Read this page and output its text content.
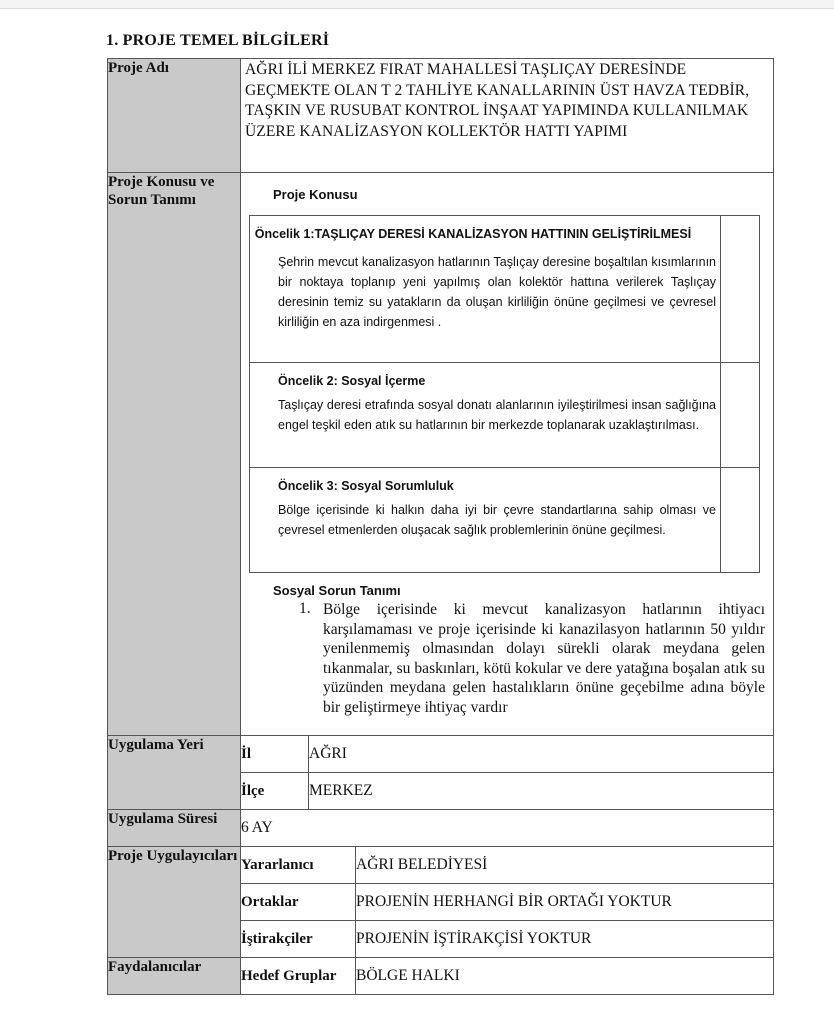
1. PROJE TEMEL BİLGİLERİ
Proje Adı	AĞRI İLİ MERKEZ FIRAT MAHALLESİ TAŞLIÇAY DERESİNDE GEÇMEKTE OLAN T 2 TAHLİYE KANALLARININ ÜST HAVZA TEDBİR, TAŞKIN VE RUSUBAT KONTROL İNŞAAT YAPIMINDA KULLANILMAK ÜZERE KANALİZASYON KOLLEKTÖR HATTI YAPIMI

Proje Konusu ve Sorun Tanımı	Proje Konusu
Öncelik 1:TAŞLIÇAY DERESİ KANALİZASYON HATTININ GELİŞTİRİLMESİ
Şehrin mevcut kanalizasyon hatlarının Taşlıçay deresine boşaltılan kısımlarının bir noktaya toplanıp yeni yapılmış olan kolektör hattına verilerek Taşlıçay deresinin temiz su yatakların da oluşan kirliliğin önüne geçilmesi ve çevresel kirliliğin en aza indirgenmesi .

Öncelik 2: Sosyal İçerme
Taşlıçay deresi etrafında sosyal donatı alanlarının iyileştirilmesi insan sağlığına engel teşkil eden atık su hatlarının bir merkezde toplanarak uzaklaştırılması.

Öncelik 3: Sosyal Sorumluluk
Bölge içerisinde ki halkın daha iyi bir çevre standartlarına sahip olması ve çevresel etmenlerden oluşacak sağlık problemlerinin önüne geçilmesi.

Sosyal Sorun Tanımı
1. Bölge içerisinde ki mevcut kanalizasyon hatlarının ihtiyacı karşılamaması ve proje içerisinde ki kanazilasyon hatlarının 50 yıldır yenilenmemiş olmasından dolayı sürekli olarak meydana gelen tıkanmalar, su baskınları, kötü kokular ve dere yatağına boşalan atık su yüzünden meydana gelen hastalıkların önüne geçebilme adına böyle bir geliştirmeye ihtiyaç vardır

Uygulama Yeri	İl	AĞRI
İlçe	MERKEZ
Uygulama Süresi	6 AY
Proje Uygulayıcıları	Yararlanıcı	AĞRI BELEDİYESİ
Ortaklar	PROJENİN HERHANGİ BİR ORTAĞI YOKTUR
İştirakçiler	PROJENİN İŞTİRAKÇİSİ YOKTUR
Faydalanıcılar	Hedef Gruplar	BÖLGE HALKI
